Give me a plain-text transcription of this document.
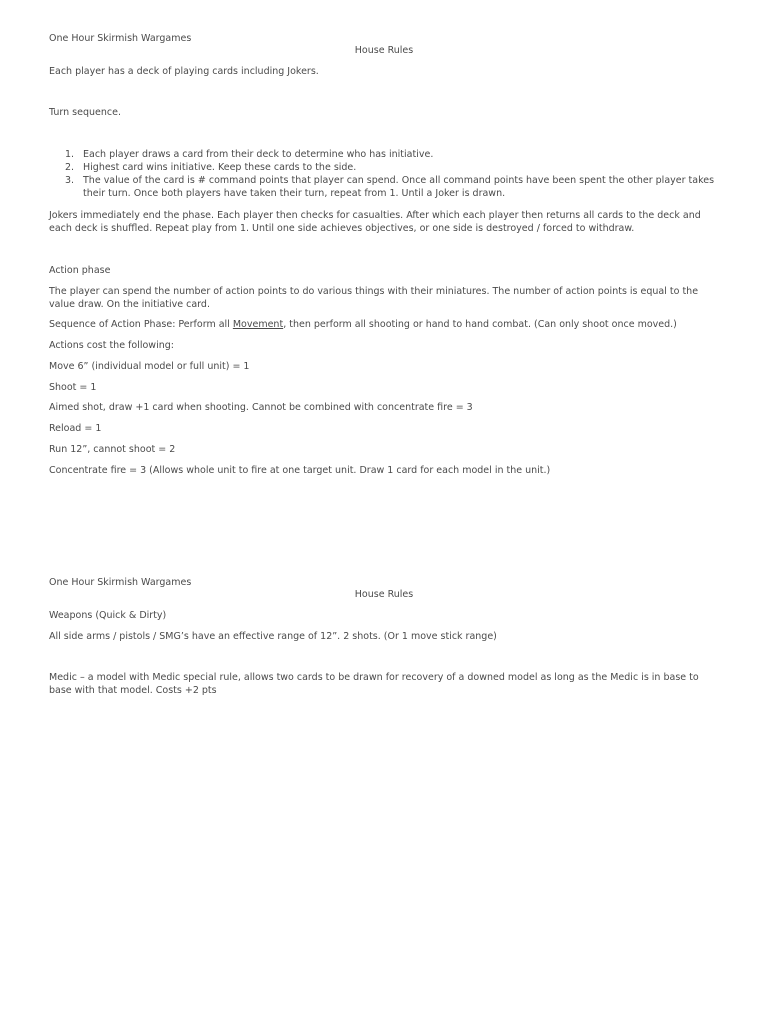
One Hour Skirmish Wargames
House Rules
Each player has a deck of playing cards including Jokers.
Turn sequence.
1. Each player draws a card from their deck to determine who has initiative.
2. Highest card wins initiative. Keep these cards to the side.
3. The value of the card is # command points that player can spend. Once all command points have been spent the other player takes their turn. Once both players have taken their turn, repeat from 1. Until a Joker is drawn.
Jokers immediately end the phase. Each player then checks for casualties. After which each player then returns all cards to the deck and each deck is shuffled. Repeat play from 1. Until one side achieves objectives, or one side is destroyed / forced to withdraw.
Action phase
The player can spend the number of action points to do various things with their miniatures. The number of action points is equal to the value draw. On the initiative card.
Sequence of Action Phase: Perform all Movement, then perform all shooting or hand to hand combat. (Can only shoot once moved.)
Actions cost the following:
Move 6” (individual model or full unit) = 1
Shoot = 1
Aimed shot, draw +1 card when shooting. Cannot be combined with concentrate fire = 3
Reload = 1
Run 12”, cannot shoot = 2
Concentrate fire = 3 (Allows whole unit to fire at one target unit. Draw 1 card for each model in the unit.)
One Hour Skirmish Wargames
House Rules
Weapons (Quick & Dirty)
All side arms / pistols / SMG’s have an effective range of 12”. 2 shots. (Or 1 move stick range)
Medic – a model with Medic special rule, allows two cards to be drawn for recovery of a downed model as long as the Medic is in base to base with that model. Costs +2 pts
